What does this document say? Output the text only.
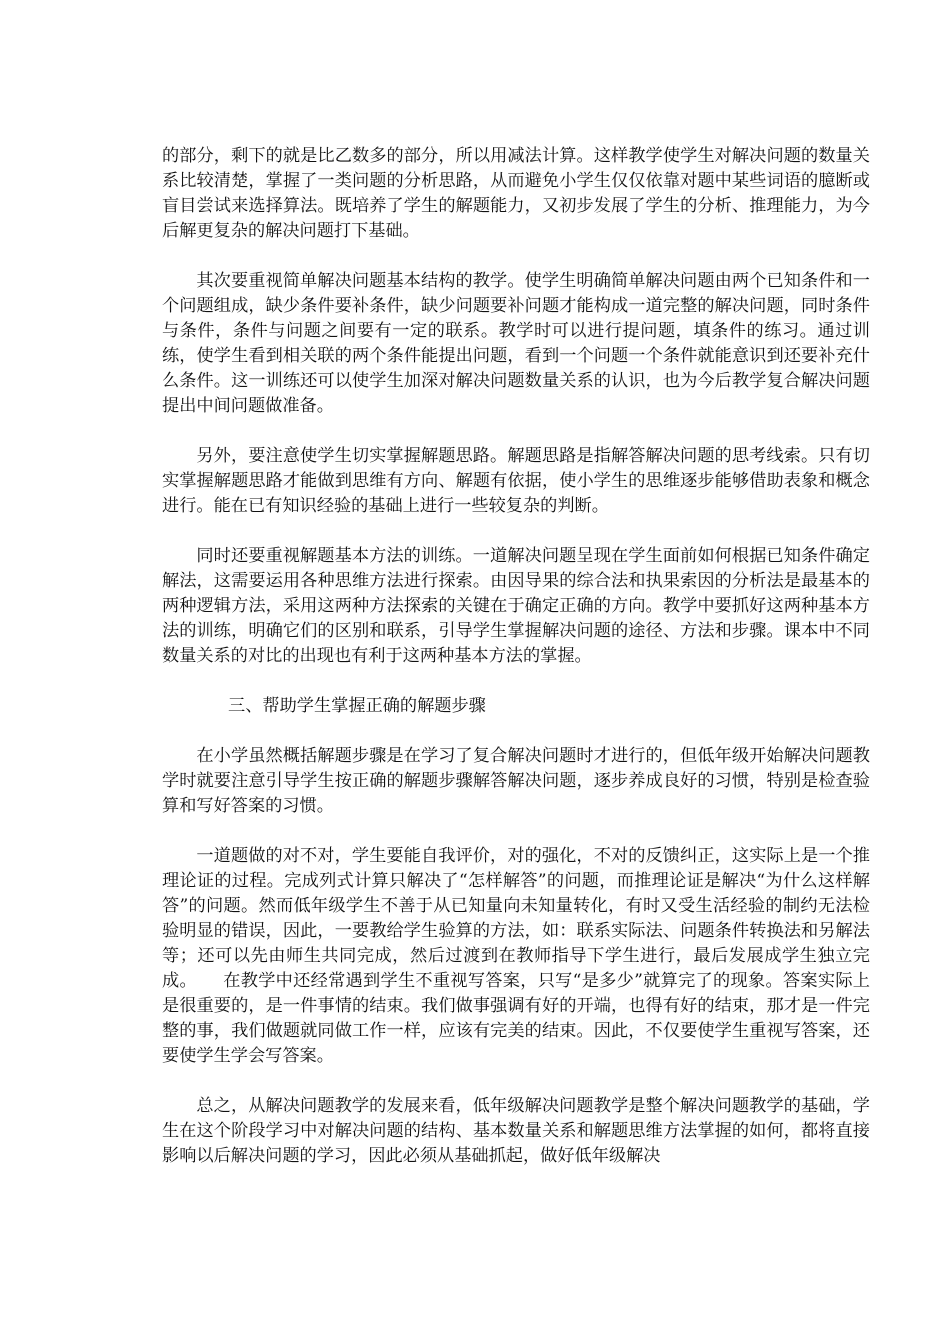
的部分，剩下的就是比乙数多的部分，所以用减法计算。这样教学使学生对解决问题的数量关系比较清楚，掌握了一类问题的分析思路，从而避免小学生仅仅依靠对题中某些词语的臆断或盲目尝试来选择算法。既培养了学生的解题能力，又初步发展了学生的分析、推理能力，为今后解更复杂的解决问题打下基础。

其次要重视简单解决问题基本结构的教学。使学生明确简单解决问题由两个已知条件和一个问题组成，缺少条件要补条件，缺少问题要补问题才能构成一道完整的解决问题，同时条件与条件，条件与问题之间要有一定的联系。教学时可以进行提问题，填条件的练习。通过训练，使学生看到相关联的两个条件能提出问题，看到一个问题一个条件就能意识到还要补充什么条件。这一训练还可以使学生加深对解决问题数量关系的认识，也为今后教学复合解决问题提出中间问题做准备。

另外，要注意使学生切实掌握解题思路。解题思路是指解答解决问题的思考线索。只有切实掌握解题思路才能做到思维有方向、解题有依据，使小学生的思维逐步能够借助表象和概念进行。能在已有知识经验的基础上进行一些较复杂的判断。

同时还要重视解题基本方法的训练。一道解决问题呈现在学生面前如何根据已知条件确定解法，这需要运用各种思维方法进行探索。由因导果的综合法和执果索因的分析法是最基本的两种逻辑方法，采用这两种方法探索的关键在于确定正确的方向。教学中要抓好这两种基本方法的训练，明确它们的区别和联系，引导学生掌握解决问题的途径、方法和步骤。课本中不同数量关系的对比的出现也有利于这两种基本方法的掌握。

三、帮助学生掌握正确的解题步骤

在小学虽然概括解题步骤是在学习了复合解决问题时才进行的，但低年级开始解决问题教学时就要注意引导学生按正确的解题步骤解答解决问题，逐步养成良好的习惯，特别是检查验算和写好答案的习惯。

一道题做的对不对，学生要能自我评价，对的强化，不对的反馈纠正，这实际上是一个推理论证的过程。完成列式计算只解决了“怎样解答”的问题，而推理论证是解决“为什么这样解答”的问题。然而低年级学生不善于从已知量向未知量转化，有时又受生活经验的制约无法检验明显的错误，因此，一要教给学生验算的方法，如：联系实际法、问题条件转换法和另解法等；还可以先由师生共同完成，然后过渡到在教师指导下学生进行，最后发展成学生独立完成。　　在教学中还经常遇到学生不重视写答案，只写“是多少”就算完了的现象。答案实际上是很重要的，是一件事情的结束。我们做事强调有好的开端，也得有好的结束，那才是一件完整的事，我们做题就同做工作一样，应该有完美的结束。因此，不仅要使学生重视写答案，还要使学生学会写答案。

总之，从解决问题教学的发展来看，低年级解决问题教学是整个解决问题教学的基础，学生在这个阶段学习中对解决问题的结构、基本数量关系和解题思维方法掌握的如何，都将直接影响以后解决问题的学习，因此必须从基础抓起，做好低年级解决
